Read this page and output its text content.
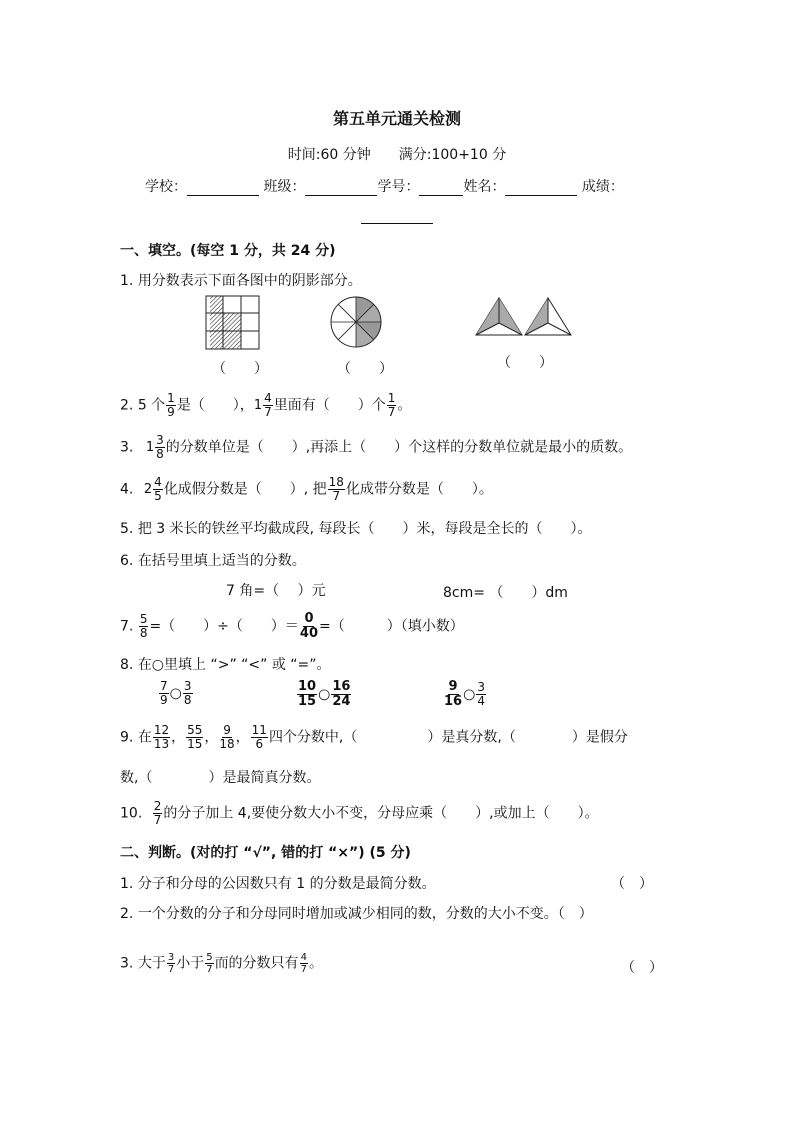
第五单元通关检测
时间:60 分钟　　满分:100+10 分
学校：	班级：	学号：	姓名：	成绩：
一、填空。(每空 1 分，共 24 分)
1. 用分数表示下面各图中的阴影部分。
（　　）	（　　）	（　　）
2. 5 个 $\frac{1}{9}$ 是（　　），$1 \frac{4}{7}$ 里面有（　　）个 $\frac{1}{7}$ 。
3. $1 \frac{3}{8}$ 的分数单位是（　　）,再添上（　　）个这样的分数单位就是最小的质数。
4. $2 \frac{4}{5}$ 化成假分数是（　　）, 把 $\frac{18}{7}$ 化成带分数是（　　）。
5. 把 3 米长的铁丝平均截成段, 每段长（　　）米，每段是全长的（　　）。
6. 在括号里填上适当的分数。
7 角=（　 ）元	8cm= （　　）dm
7. $\frac{5}{8}$ =（　　）÷（　　）＝ $\frac{0}{40}$ =（　　　）（填小数）
8. 在○里填上 “>” “<” 或 “=”。
$\frac{7}{9}$ ○ $\frac{3}{8}$	$\frac{10}{15}$ ○ $\frac{16}{24}$	$\frac{9}{16}$ ○ $\frac{3}{4}$
9. 在 $\frac{12}{13}$ ， $\frac{55}{15}$ ， $\frac{9}{18}$ ， $\frac{11}{6}$ 四个分数中,（　　　　　）是真分数,（　　　　）是假分
数,（　　　　）是最简真分数。
10. $\frac{2}{7}$ 的分子加上 4,要使分数大小不变，分母应乘（　　）,或加上（　　）。
二、判断。(对的打 “√”, 错的打 “×”) (5 分)
1. 分子和分母的公因数只有 1 的分数是最简分数。	（　）
2. 一个分数的分子和分母同时增加或减少相同的数，分数的大小不变。（　）
3. 大于 $\frac{3}{7}$ 小于 $\frac{5}{7}$ 而的分数只有 $\frac{4}{7}$ 。	（　）
